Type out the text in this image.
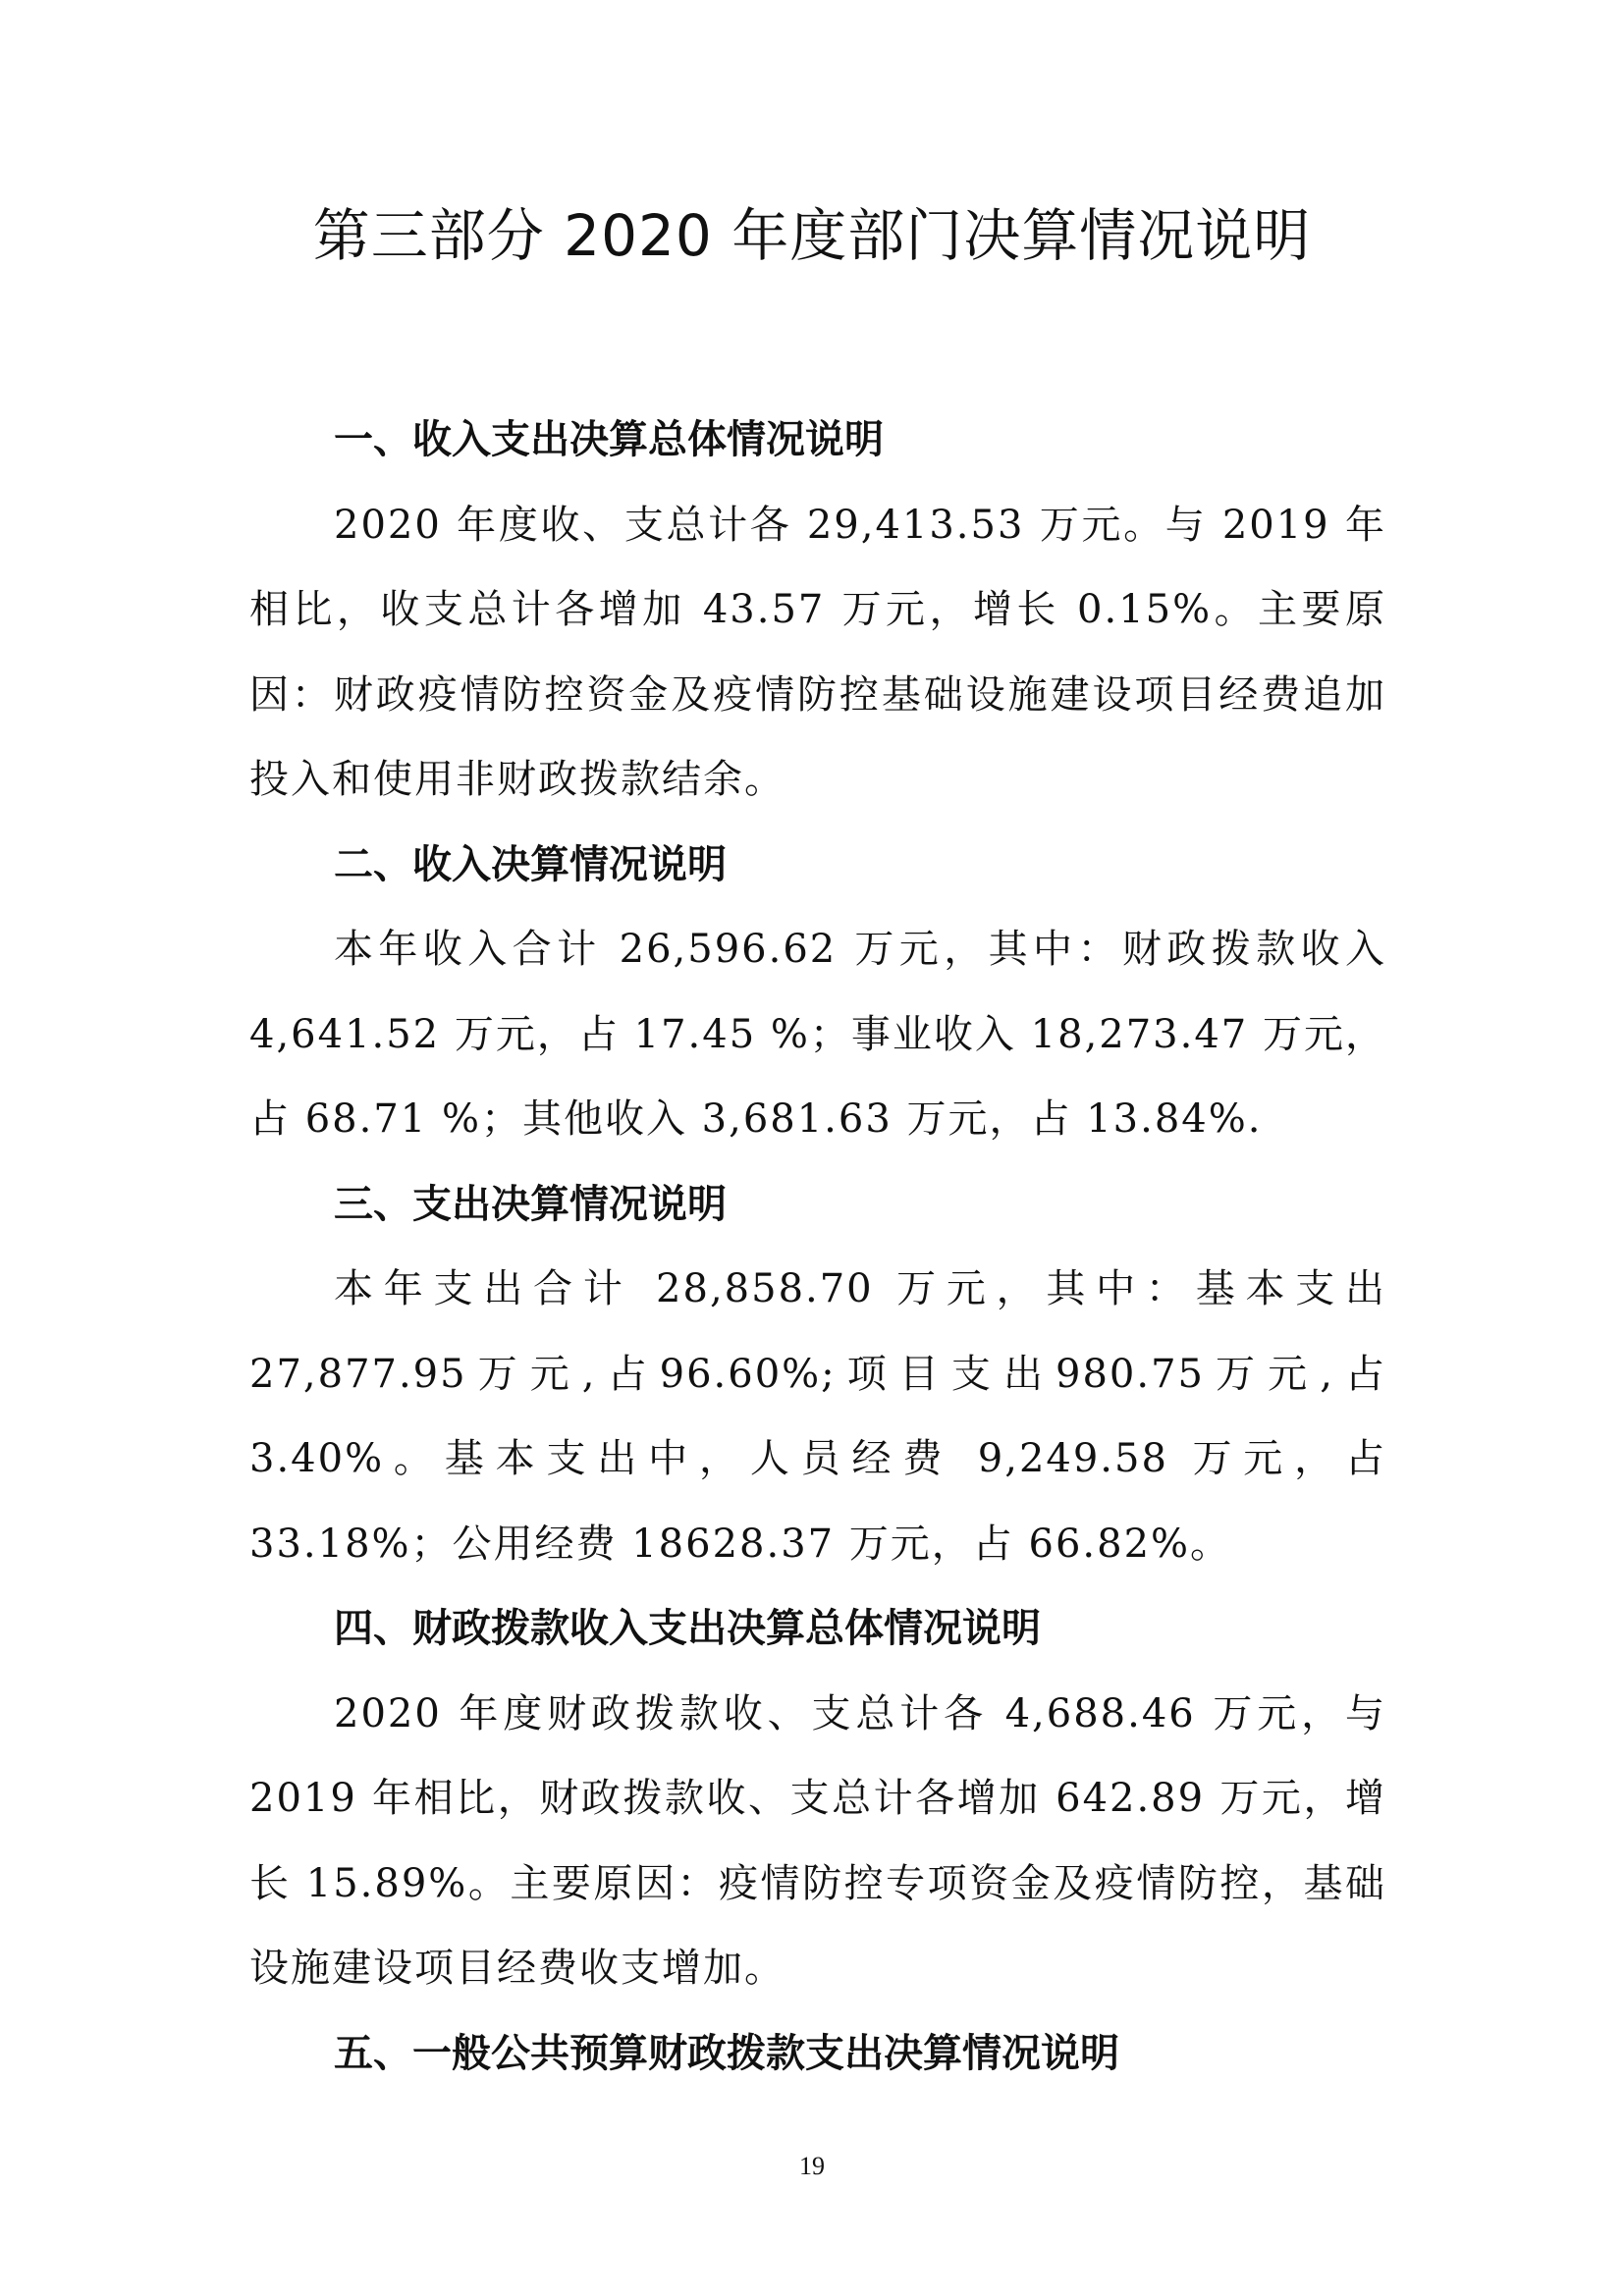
第三部分 2020 年度部门决算情况说明

一、收入支出决算总体情况说明

2020 年度收、支总计各 29,413.53 万元。与 2019 年相比，收支总计各增加 43.57 万元，增长 0.15%。主要原因：财政疫情防控资金及疫情防控基础设施建设项目经费追加投入和使用非财政拨款结余。

二、收入决算情况说明

本年收入合计 26,596.62 万元，其中：财政拨款收入 4,641.52 万元，占 17.45 %；事业收入 18,273.47 万元，占 68.71 %；其他收入 3,681.63 万元，占 13.84%.

三、支出决算情况说明

本年支出合计 28,858.70 万元，其中：基本支出 27,877.95万元,占96.60%;项目支出980.75万元,占3.40%。基本支出中，人员经费 9,249.58 万元，占 33.18%；公用经费 18628.37 万元，占 66.82%。

四、财政拨款收入支出决算总体情况说明

2020 年度财政拨款收、支总计各 4,688.46 万元，与 2019 年相比，财政拨款收、支总计各增加 642.89 万元，增长 15.89%。主要原因：疫情防控专项资金及疫情防控，基础设施建设项目经费收支增加。

五、一般公共预算财政拨款支出决算情况说明

19
